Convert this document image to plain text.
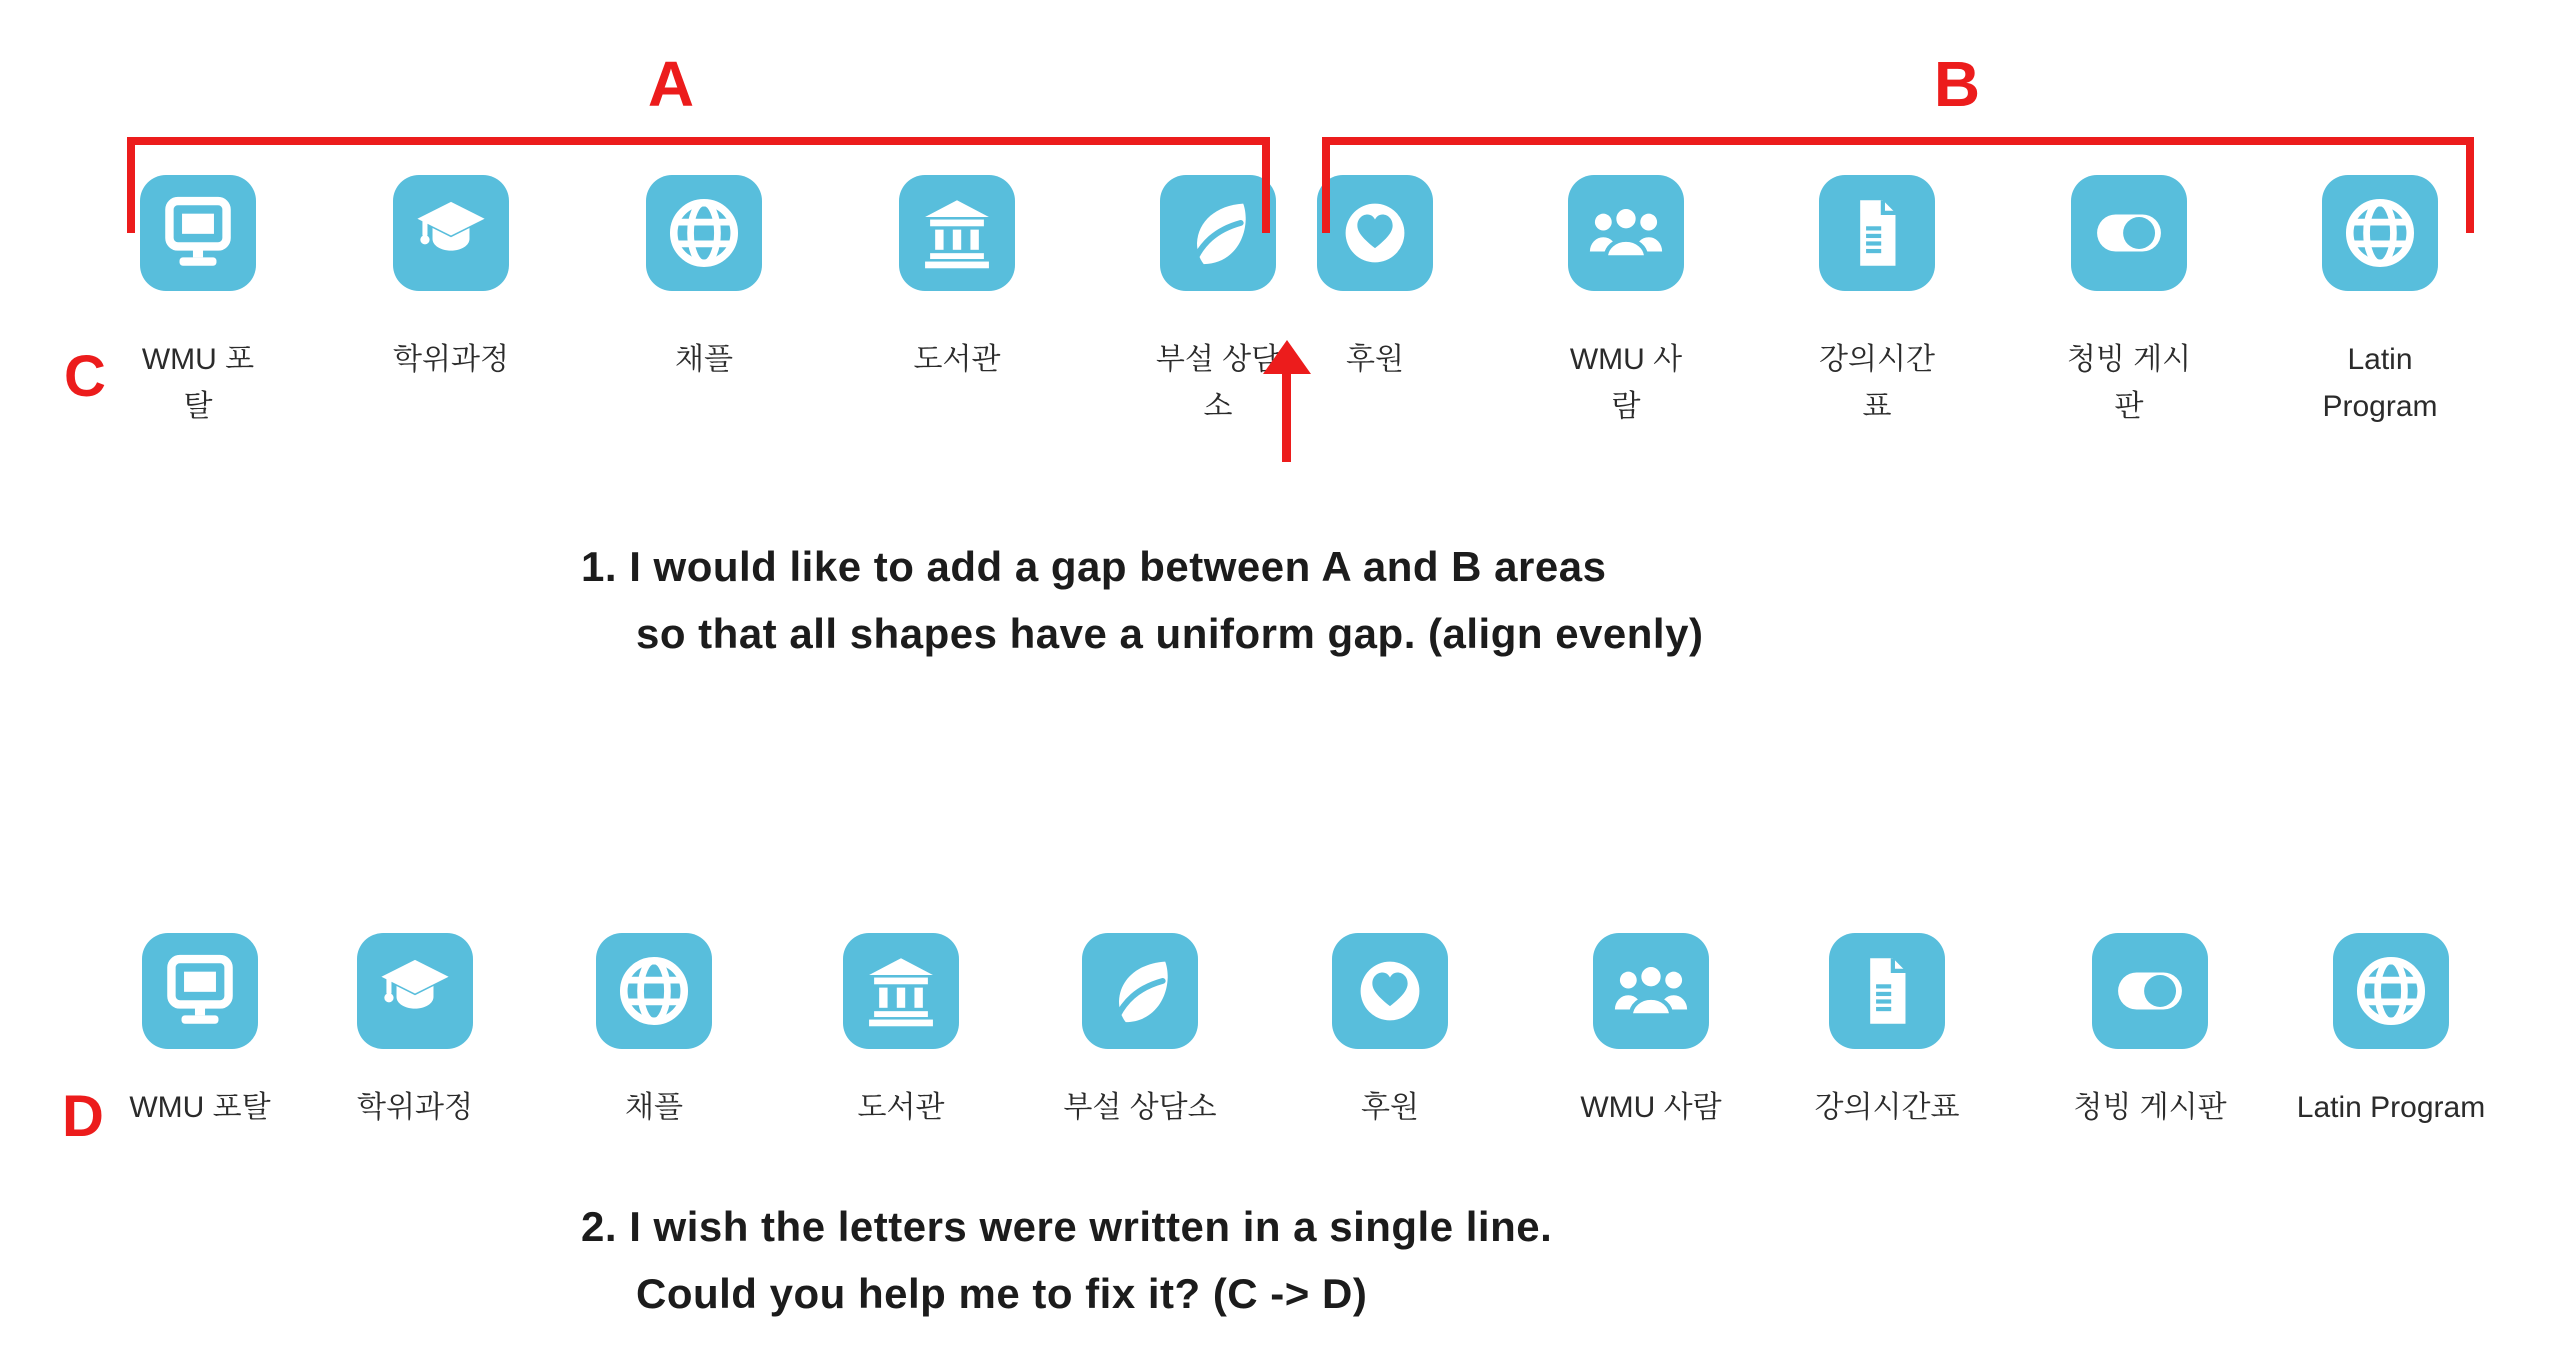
A	B
C
D
WMU 포
탈
학위과정	채플	도서관	부설 상담
소
후원	WMU 사
람
강의시간
표
청빙 게시
판
Latin
Program
WMU 포탈	학위과정	채플	도서관	부설 상담소	후원	WMU 사람	강의시간표	청빙 게시판	Latin Program
1. I would like to add a gap between A and B areas
so that all shapes have a uniform gap. (align evenly)
2. I wish the letters were written in a single line.
Could you help me to fix it? (C -> D)
